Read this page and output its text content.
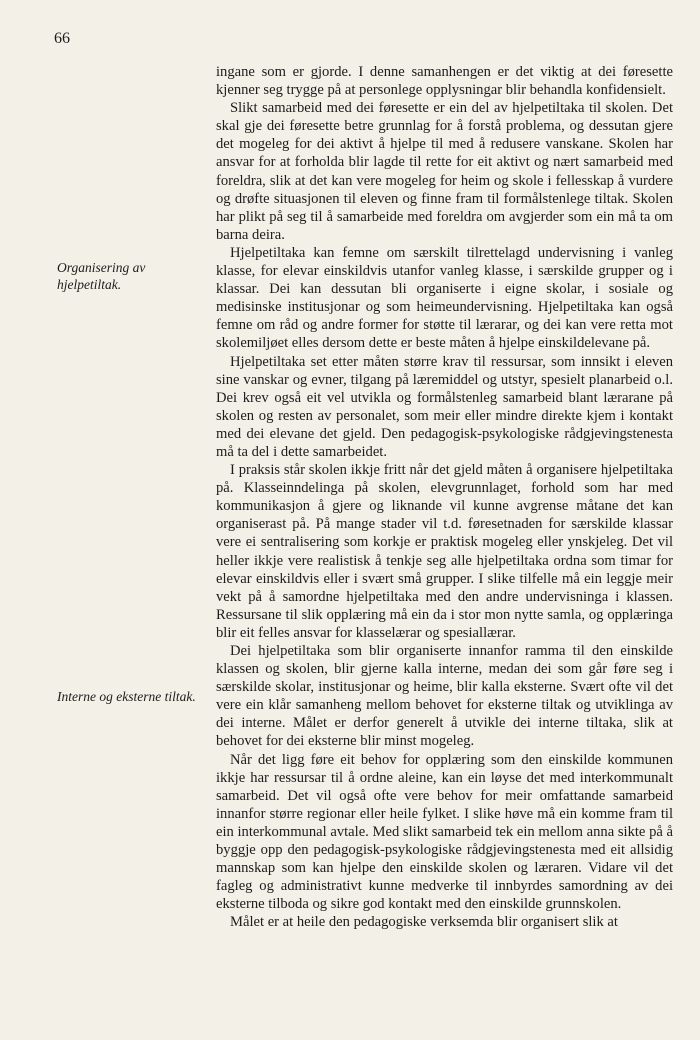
66
Organisering av hjelpetiltak.
Interne og eksterne tiltak.

ingane som er gjorde. I denne samanhengen er det viktig at dei føresette kjenner seg trygge på at personlege opplysningar blir behandla konfidensielt.

Slikt samarbeid med dei føresette er ein del av hjelpetiltaka til skolen. Det skal gje dei føresette betre grunnlag for å forstå problema, og dessutan gjere det mogeleg for dei aktivt å hjelpe til med å redusere vanskane. Skolen har ansvar for at forholda blir lagde til rette for eit aktivt og nært samarbeid med foreldra, slik at det kan vere mogeleg for heim og skole i fellesskap å vurdere og drøfte situasjonen til eleven og finne fram til formålstenlege tiltak. Skolen har plikt på seg til å samarbeide med foreldra om avgjerder som ein må ta om barna deira.

Hjelpetiltaka kan femne om særskilt tilrettelagd undervisning i vanleg klasse, for elevar einskildvis utanfor vanleg klasse, i særskilde grupper og i klassar. Dei kan dessutan bli organiserte i eigne skolar, i sosiale og medisinske institusjonar og som heimeundervisning. Hjelpetiltaka kan også femne om råd og andre former for støtte til lærarar, og dei kan vere retta mot skolemiljøet elles dersom dette er beste måten å hjelpe einskildelevane på.

Hjelpetiltaka set etter måten større krav til ressursar, som innsikt i eleven sine vanskar og evner, tilgang på læremiddel og utstyr, spesielt planarbeid o.l. Dei krev også eit vel utvikla og formålstenleg samarbeid blant lærarane på skolen og resten av personalet, som meir eller mindre direkte kjem i kontakt med dei elevane det gjeld. Den pedagogisk-psykologiske rådgjevingstenesta må ta del i dette samarbeidet.

I praksis står skolen ikkje fritt når det gjeld måten å organisere hjelpetiltaka på. Klasseinndelinga på skolen, elevgrunnlaget, forhold som har med kommunikasjon å gjere og liknande vil kunne avgrense måtane det kan organiserast på. På mange stader vil t.d. føresetnaden for særskilde klassar vere ei sentralisering som korkje er praktisk mogeleg eller ynskjeleg. Det vil heller ikkje vere realistisk å tenkje seg alle hjelpetiltaka ordna som timar for elevar einskildvis eller i svært små grupper. I slike tilfelle må ein leggje meir vekt på å samordne hjelpetiltaka med den andre undervisninga i klassen. Ressursane til slik opplæring må ein da i stor mon nytte samla, og opplæringa blir eit felles ansvar for klasselærar og spesiallærar.

Dei hjelpetiltaka som blir organiserte innanfor ramma til den einskilde klassen og skolen, blir gjerne kalla interne, medan dei som går føre seg i særskilde skolar, institusjonar og heime, blir kalla eksterne. Svært ofte vil det vere ein klår samanheng mellom behovet for eksterne tiltak og utviklinga av dei interne. Målet er derfor generelt å utvikle dei interne tiltaka, slik at behovet for dei eksterne blir minst mogeleg.

Når det ligg føre eit behov for opplæring som den einskilde kommunen ikkje har ressursar til å ordne aleine, kan ein løyse det med interkommunalt samarbeid. Det vil også ofte vere behov for meir omfattande samarbeid innanfor større regionar eller heile fylket. I slike høve må ein komme fram til ein interkommunal avtale. Med slikt samarbeid tek ein mellom anna sikte på å byggje opp den pedagogisk-psykologiske rådgjevingstenesta med eit allsidig mannskap som kan hjelpe den einskilde skolen og læraren. Vidare vil det fagleg og administrativt kunne medverke til innbyrdes samordning av dei eksterne tilboda og sikre god kontakt med den einskilde grunnskolen.

Målet er at heile den pedagogiske verksemda blir organisert slik at
